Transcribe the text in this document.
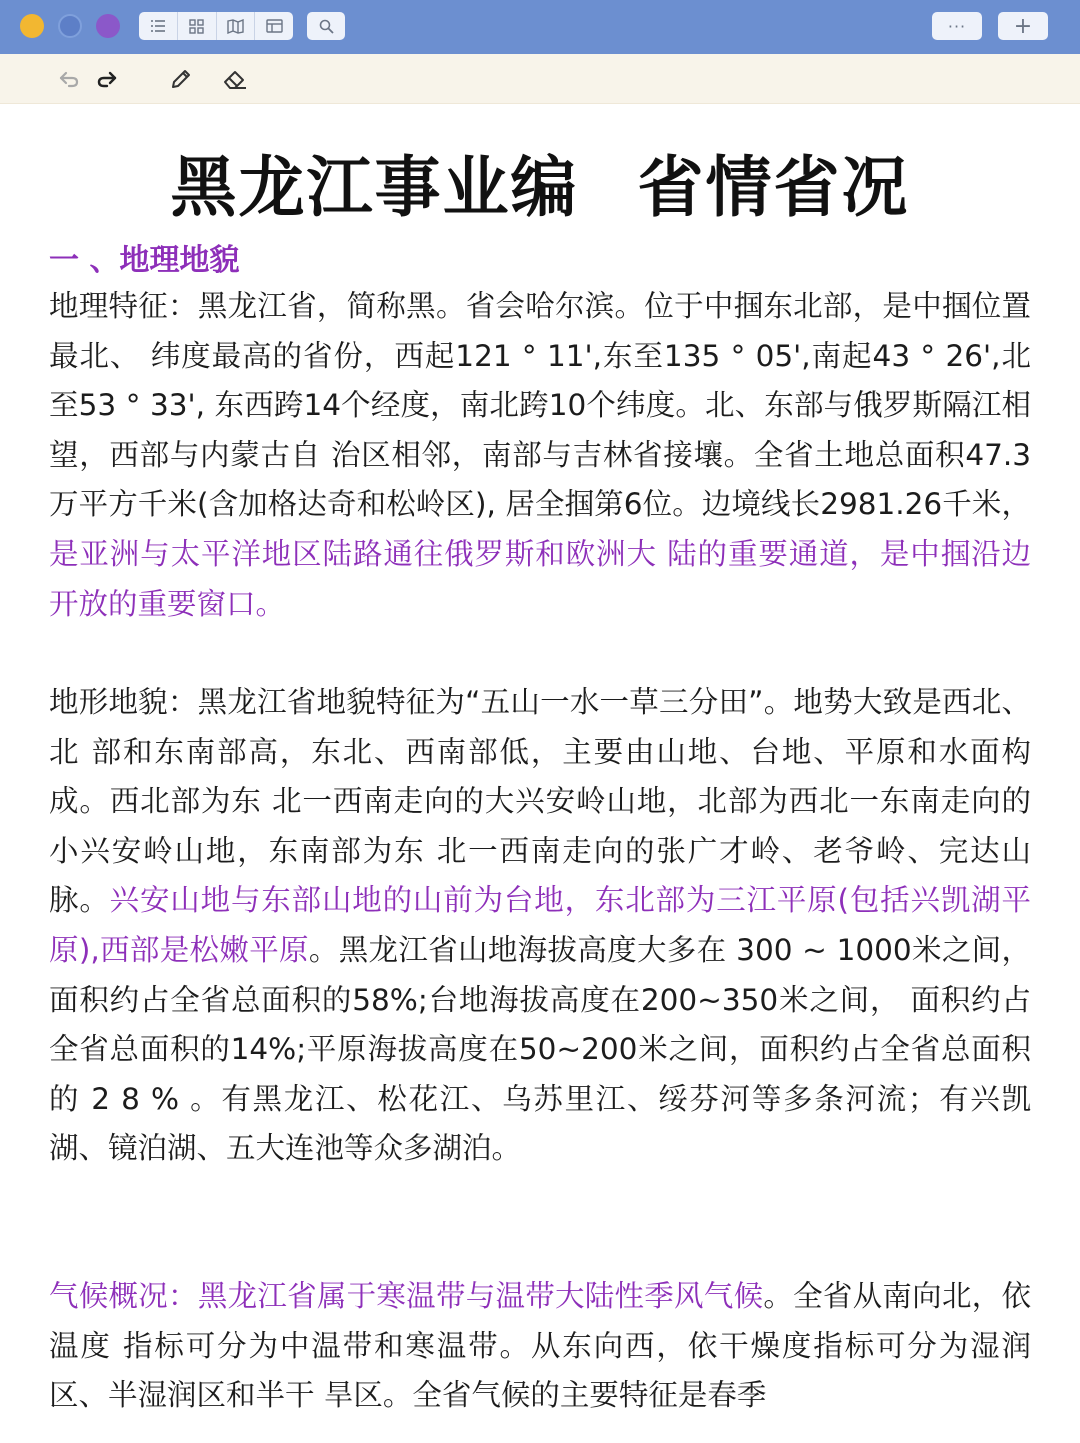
···	+
黑龙江事业编 省情省况
一 、地理地貌
地理特征：黑龙江省，简称黑。省会哈尔滨。位于中掴东北部，是中掴位置最北、 纬度最高的省份，西起121 ° 11',东至135 ° 05',南起43 ° 26',北至53 ° 33', 东西跨14个经度，南北跨10个纬度。北、东部与俄罗斯隔江相望，西部与内蒙古自 治区相邻，南部与吉林省接壤。全省土地总面积47.3万平方千米(含加格达奇和松岭区), 居全掴第6位。边境线长2981.26千米，是亚洲与太平洋地区陆路通往俄罗斯和欧洲大 陆的重要通道，是中掴沿边开放的重要窗口。
地形地貌：黑龙江省地貌特征为“五山一水一草三分田”。地势大致是西北、北 部和东南部高，东北、西南部低，主要由山地、台地、平原和水面构成。西北部为东 北一西南走向的大兴安岭山地，北部为西北一东南走向的小兴安岭山地，东南部为东 北一西南走向的张广才岭、老爷岭、完达山脉。兴安山地与东部山地的山前为台地，东北部为三江平原(包括兴凯湖平原),西部是松嫩平原。黑龙江省山地海拔高度大多在 300 ~ 1000米之间，面积约占全省总面积的58%;台地海拔高度在200~350米之间， 面积约占全省总面积的14%;平原海拔高度在50~200米之间，面积约占全省总面积 的 2 8 % 。有黑龙江、松花江、乌苏里江、绥芬河等多条河流；有兴凯湖、镜泊湖、五大连池等众多湖泊。
气候概况：黑龙江省属于寒温带与温带大陆性季风气候。全省从南向北，依温度 指标可分为中温带和寒温带。从东向西，依干燥度指标可分为湿润区、半湿润区和半干 旱区。全省气候的主要特征是春季
